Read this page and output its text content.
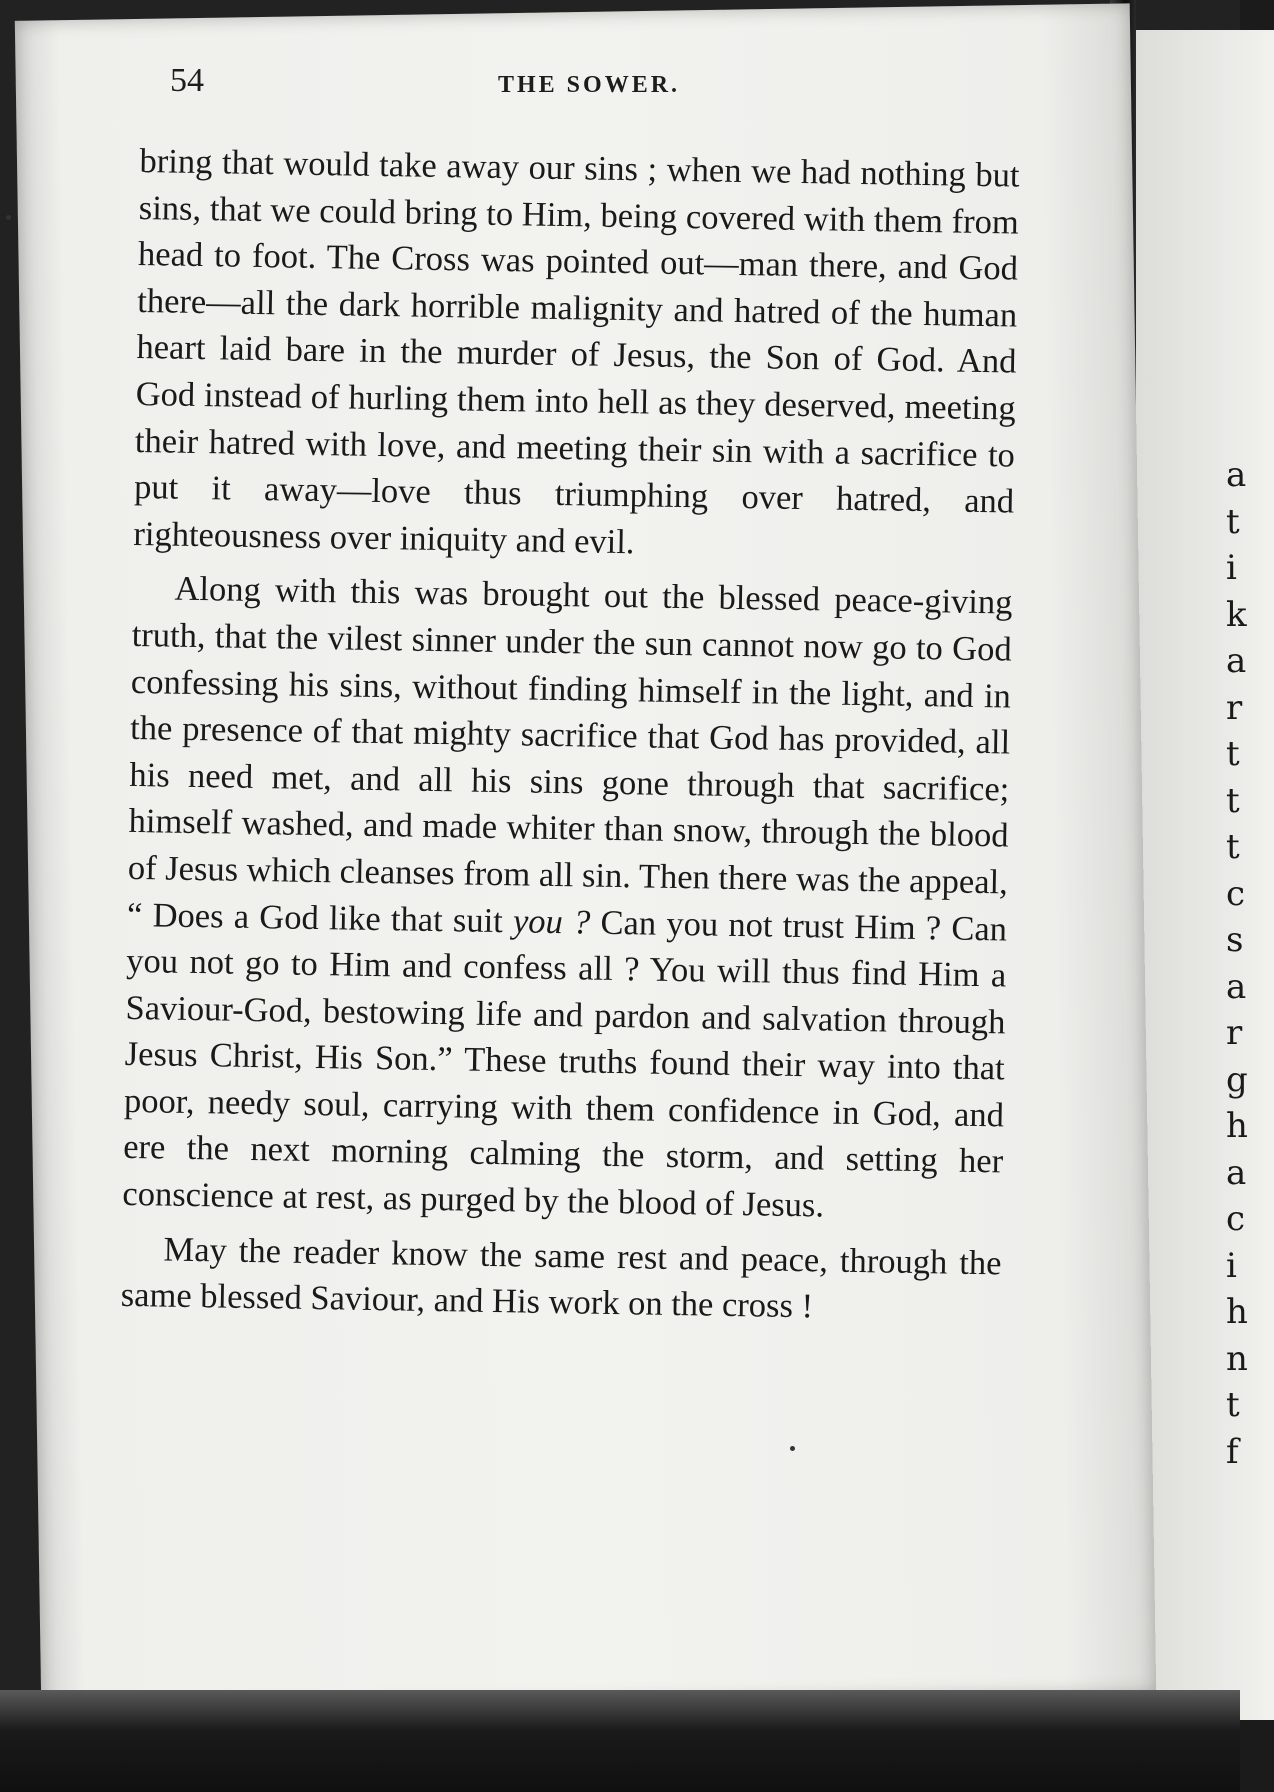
54	THE SOWER.

bring that would take away our sins ; when we had nothing but sins, that we could bring to Him, being covered with them from head to foot. The Cross was pointed out—man there, and God there—all the dark horrible malignity and hatred of the human heart laid bare in the murder of Jesus, the Son of God. And God instead of hurling them into hell as they deserved, meeting their hatred with love, and meeting their sin with a sacrifice to put it away—love thus triumphing over hatred, and righteousness over iniquity and evil.

Along with this was brought out the blessed peace-giving truth, that the vilest sinner under the sun cannot now go to God confessing his sins, without finding himself in the light, and in the presence of that mighty sacrifice that God has provided, all his need met, and all his sins gone through that sacrifice; himself washed, and made whiter than snow, through the blood of Jesus which cleanses from all sin. Then there was the appeal, “ Does a God like that suit you ? Can you not trust Him ? Can you not go to Him and confess all ? You will thus find Him a Saviour-God, bestowing life and pardon and salvation through Jesus Christ, His Son.” These truths found their way into that poor, needy soul, carrying with them confidence in God, and ere the next morning calming the storm, and setting her conscience at rest, as purged by the blood of Jesus.

May the reader know the same rest and peace, through the same blessed Saviour, and His work on the cross !

a
t
i
k
a
r
t
t
t
c
s
a
r
g
h
a
c
i
h
n
t
f
